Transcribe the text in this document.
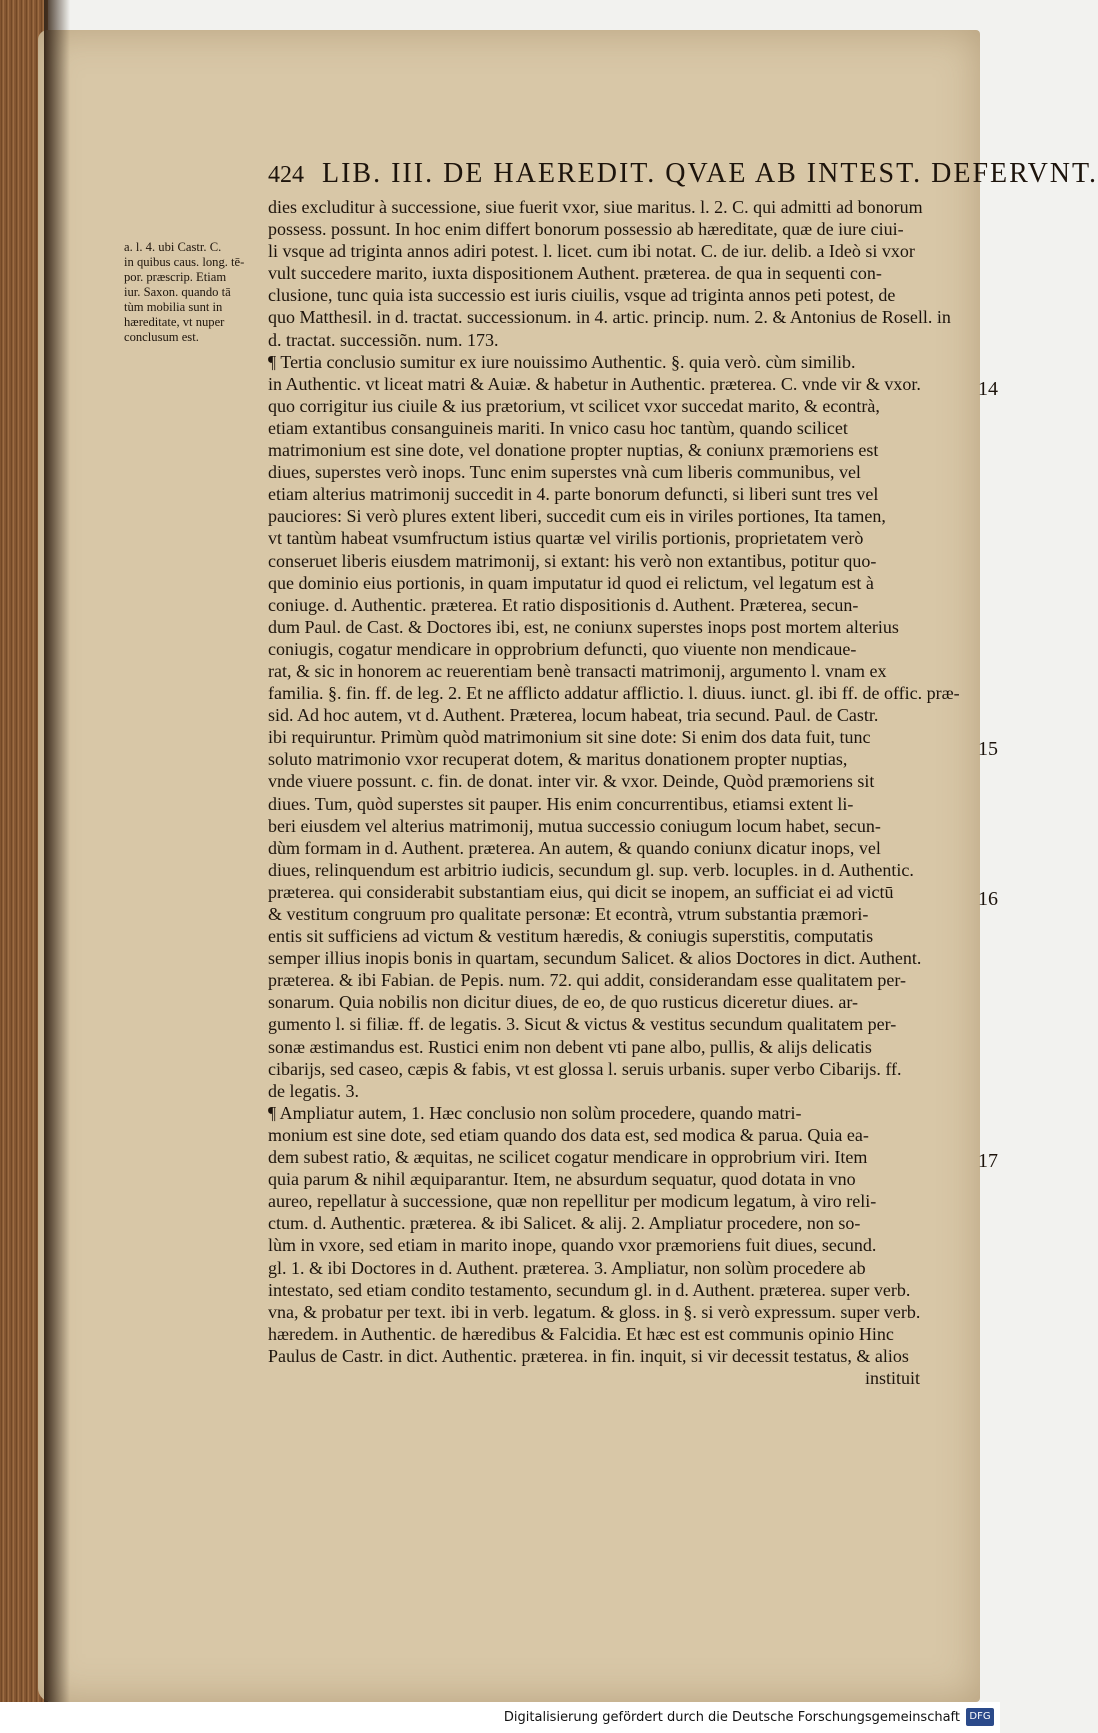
424 LIB. III. DE HAEREDIT. QVAE AB INTEST. DEFERVNT.
a. l. 4. ubi Castr. C.
in quibus caus. long. tē-
por. præscrip. Etiam
iur. Saxon. quando tā
tùm mobilia sunt in
hæreditate, vt nuper
conclusum est.
14
15
16
17
dies excluditur à successione, siue fuerit vxor, siue maritus. l. 2. C. qui admitti ad bonorum
possess. possunt. In hoc enim differt bonorum possessio ab hæreditate, quæ de iure ciui-
li vsque ad triginta annos adiri potest. l. licet. cum ibi notat. C. de iur. delib. a Ideò si vxor
vult succedere marito, iuxta dispositionem Authent. præterea. de qua in sequenti con-
clusione, tunc quia ista successio est iuris ciuilis, vsque ad triginta annos peti potest, de
quo Matthesil. in d. tractat. successionum. in 4. artic. princip. num. 2. & Antonius de Rosell. in
d. tractat. successiõn. num. 173.
¶ Tertia conclusio sumitur ex iure nouissimo Authentic. §. quia verò. cùm similib.
in Authentic. vt liceat matri & Auiæ. & habetur in Authentic. præterea. C. vnde vir & vxor.
quo corrigitur ius ciuile & ius prætorium, vt scilicet vxor succedat marito, & econtrà,
etiam extantibus consanguineis mariti. In vnico casu hoc tantùm, quando scilicet
matrimonium est sine dote, vel donatione propter nuptias, & coniunx præmoriens est
diues, superstes verò inops. Tunc enim superstes vnà cum liberis communibus, vel
etiam alterius matrimonij succedit in 4. parte bonorum defuncti, si liberi sunt tres vel
pauciores: Si verò plures extent liberi, succedit cum eis in viriles portiones, Ita tamen,
vt tantùm habeat vsumfructum istius quartæ vel virilis portionis, proprietatem verò
conseruet liberis eiusdem matrimonij, si extant: his verò non extantibus, potitur quo-
que dominio eius portionis, in quam imputatur id quod ei relictum, vel legatum est à
coniuge. d. Authentic. præterea. Et ratio dispositionis d. Authent. Præterea, secun-
dum Paul. de Cast. & Doctores ibi, est, ne coniunx superstes inops post mortem alterius
coniugis, cogatur mendicare in opprobrium defuncti, quo viuente non mendicaue-
rat, & sic in honorem ac reuerentiam benè transacti matrimonij, argumento l. vnam ex
familia. §. fin. ff. de leg. 2. Et ne afflicto addatur afflictio. l. diuus. iunct. gl. ibi ff. de offic. præ-
sid. Ad hoc autem, vt d. Authent. Præterea, locum habeat, tria secund. Paul. de Castr.
ibi requiruntur. Primùm quòd matrimonium sit sine dote: Si enim dos data fuit, tunc
soluto matrimonio vxor recuperat dotem, & maritus donationem propter nuptias,
vnde viuere possunt. c. fin. de donat. inter vir. & vxor. Deinde, Quòd præmoriens sit
diues. Tum, quòd superstes sit pauper. His enim concurrentibus, etiamsi extent li-
beri eiusdem vel alterius matrimonij, mutua successio coniugum locum habet, secun-
dùm formam in d. Authent. præterea. An autem, & quando coniunx dicatur inops, vel
diues, relinquendum est arbitrio iudicis, secundum gl. sup. verb. locuples. in d. Authentic.
præterea. qui considerabit substantiam eius, qui dicit se inopem, an sufficiat ei ad victū
& vestitum congruum pro qualitate personæ: Et econtrà, vtrum substantia præmori-
entis sit sufficiens ad victum & vestitum hæredis, & coniugis superstitis, computatis
semper illius inopis bonis in quartam, secundum Salicet. & alios Doctores in dict. Authent.
præterea. & ibi Fabian. de Pepis. num. 72. qui addit, considerandam esse qualitatem per-
sonarum. Quia nobilis non dicitur diues, de eo, de quo rusticus diceretur diues. ar-
gumento l. si filiæ. ff. de legatis. 3. Sicut & victus & vestitus secundum qualitatem per-
sonæ æstimandus est. Rustici enim non debent vti pane albo, pullis, & alijs delicatis
cibarijs, sed caseo, cæpis & fabis, vt est glossa l. seruis urbanis. super verbo Cibarijs. ff.
de legatis. 3.
¶ Ampliatur autem, 1. Hæc conclusio non solùm procedere, quando matri-
monium est sine dote, sed etiam quando dos data est, sed modica & parua. Quia ea-
dem subest ratio, & æquitas, ne scilicet cogatur mendicare in opprobrium viri. Item
quia parum & nihil æquiparantur. Item, ne absurdum sequatur, quod dotata in vno
aureo, repellatur à successione, quæ non repellitur per modicum legatum, à viro reli-
ctum. d. Authentic. præterea. & ibi Salicet. & alij. 2. Ampliatur procedere, non so-
lùm in vxore, sed etiam in marito inope, quando vxor præmoriens fuit diues, secund.
gl. 1. & ibi Doctores in d. Authent. præterea. 3. Ampliatur, non solùm procedere ab
intestato, sed etiam condito testamento, secundum gl. in d. Authent. præterea. super verb.
vna, & probatur per text. ibi in verb. legatum. & gloss. in §. si verò expressum. super verb.
hæredem. in Authentic. de hæredibus & Falcidia. Et hæc est est communis opinio Hinc
Paulus de Castr. in dict. Authentic. præterea. in fin. inquit, si vir decessit testatus, & alios
instituit
Digitalisierung gefördert durch die Deutsche Forschungsgemeinschaft DFG
